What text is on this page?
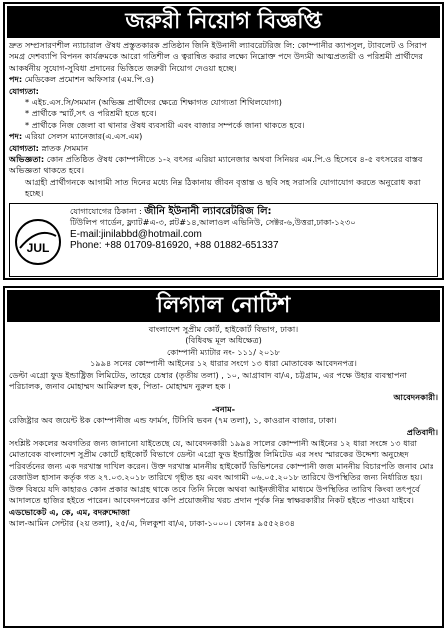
জরুরী নিয়োগ বিজ্ঞপ্তি

দ্রুত সম্প্রসারণশীল ন্যাচারাল ঔষধ প্রস্তুতকারক প্রতিষ্ঠান জিনি ইউনানী ল্যাবরেটরিজ লি: কোম্পানীর ক্যাপসুল, ট্যাবলেট ও সিরাপ সমগ্র দেশব্যাপি বিপনন কার্যক্রমকে আরো গতিশীল ও ত্বরান্বিত করার লক্ষ্যে নিম্নোক্ত পদে উদ্যমী আত্মপ্রত্যয়ী ও পরিশ্রমী প্রার্থীদের আকর্ষনীয় সুযোগ-সুবিধা প্রদানের ভিত্তিতে জরুরী নিয়োগ দেওয়া হচ্ছে।

পদ: মেডিকেল প্রমোশন অফিসার (এম.পি.ও)

যোগ্যতা:

* এইচ.এস.সি/সমমান (অভিজ্ঞ প্রার্থীদের ক্ষেত্রে শিক্ষাগত যোগ্যতা শিথিলযোগ্য)

* প্রার্থীকে স্মার্ট,সৎ ও পরিশ্রমী হতে হবে।

* প্রার্থীকে নিজ জেলা বা থানার ঔষধ ব্যবসায়ী এবং বাজার সম্পর্কে জানা থাকতে হবে।

পদ: এরিয়া সেলস ম্যানেজার(এ.এস.এম)

যোগ্যতা: স্নাতক /সমমান

অভিজ্ঞতা: কোন প্রতিষ্ঠিত ঔষধ কোম্পানীতে ১-২ বৎসর এরিয়া ম্যানেজার অথবা সিনিয়র এম.পি.ও হিসেবে ৪-৫ বৎসরের বাস্তব অভিজ্ঞতা থাকতে হবে।

আগ্রহী প্রার্থীগনকে আগামী সাত দিনের মধ্যে নিম্ন ঠিকানায় জীবন বৃত্তান্ত ও ছবি সহ সরাসরি যোগাযোগ করতে অনুরোধ করা হচ্ছে।

JUL

যোগাযোগের ঠিকানা : জীনি ইউনানী ল্যাবরেটরিজ লি:

টিউলিপ গার্ডেন, ফ্ল্যাট#এ-৩, প্লট#১৪,আলাওল এভিনিউ, সেক্টর-৬,উত্তরা,ঢাকা-১২৩০

E-mail:jinilabbd@hotmail.com

Phone: +88 01709-816920, +88 01882-651337

লিগ্যাল নোটিশ

বাংলাদেশ সুপ্রীম কোর্ট, হাইকোর্ট বিভাগ, ঢাকা।

(বিধিবদ্ধ মূল অধিক্ষেত্র)

কোম্পানী ম্যাটার নং- ১১১/ ২০১৮

১৯৯৪ সনের কোম্পানী আইনের ১২ ধারার সংগে ১৩ ধারা মোতাবেক আবেদনপত্র।

ডেল্টা এগ্রো ফুড ইন্ডাষ্ট্রিজ লিমিটেড, তাহের চেম্বার (তৃতীয় তলা) , ১০, আগ্রাবাদ বা/এ, চট্টগ্রাম, এর পক্ষে উহার ব্যবস্থাপনা পরিচালক, জনাব মোহাম্মদ আমিরুল হক, পিতা- মোহাম্মদ নুরুল হক ।

আবেদনকারী।

-বনাম-

রেজিষ্ট্রার অব জয়েন্ট ষ্টক কোম্পানীজ এন্ড ফার্মস, টিসিবি ভবন (৭ম তলা), ১, কাওরান বাজার, ঢাকা।

প্রতিবাদী।

সংশ্লিষ্ট সকলের অবগতির জন্য জানানো যাইতেছে যে, আবেদনকারী ১৯৯৪ সালের কোম্পানী আইনের ১২ ধারা সংঙ্গে ১৩ ধারা মোতাবেক বাংলাদেশ সুপ্রীম কোর্টে হাইকোর্ট বিভাগে ডেল্টা এগ্রো ফুড ইন্ডাষ্ট্রিজ লিমিটেড এর সংঘ স্মারকের উদ্দেশ্য অনুচ্ছেদ পরিবর্তনের জন্য এক দরখাস্ত দাখিল করেন। উক্ত দরখাস্ত মাননীয় হাইকোর্ট ডিভিশনের কোম্পানী জজ মাননীয় বিচারপতি জনাব মোঃ রেজাউল হাসান কর্তৃক গত ২৭.০৩.২০১৮ তারিখে গৃহীত হয় এবং আগামী ০৬.০৫.২০১৮ তারিখে উপস্থিতির জন্য নির্ধারিত হয়। উক্ত বিষয়ে যদি কাহারও কোন প্রকার আগ্রহ থাকে তবে তিনি নিজে অথবা আইনজীবীর মাধ্যমে উপস্থিতির তারিখ কিংবা তৎপূর্বে আদালতে হাজির হইতে পারেন। আবেদনপত্রের কপি প্রয়োজনীয় খরচ প্রদান পূর্বক নিম্ন স্বাক্ষরকারীর নিকট হইতে পাওয়া যাইবে।

এডভোকেট এ, কে, এম, বদরুদ্দোজা

আল-আমিন সেন্টার (২য় তলা), ২৫/এ, দিলকুশা বা/এ, ঢাকা-১০০০। ফোনঃ ৯৫৫২৪৩৪
